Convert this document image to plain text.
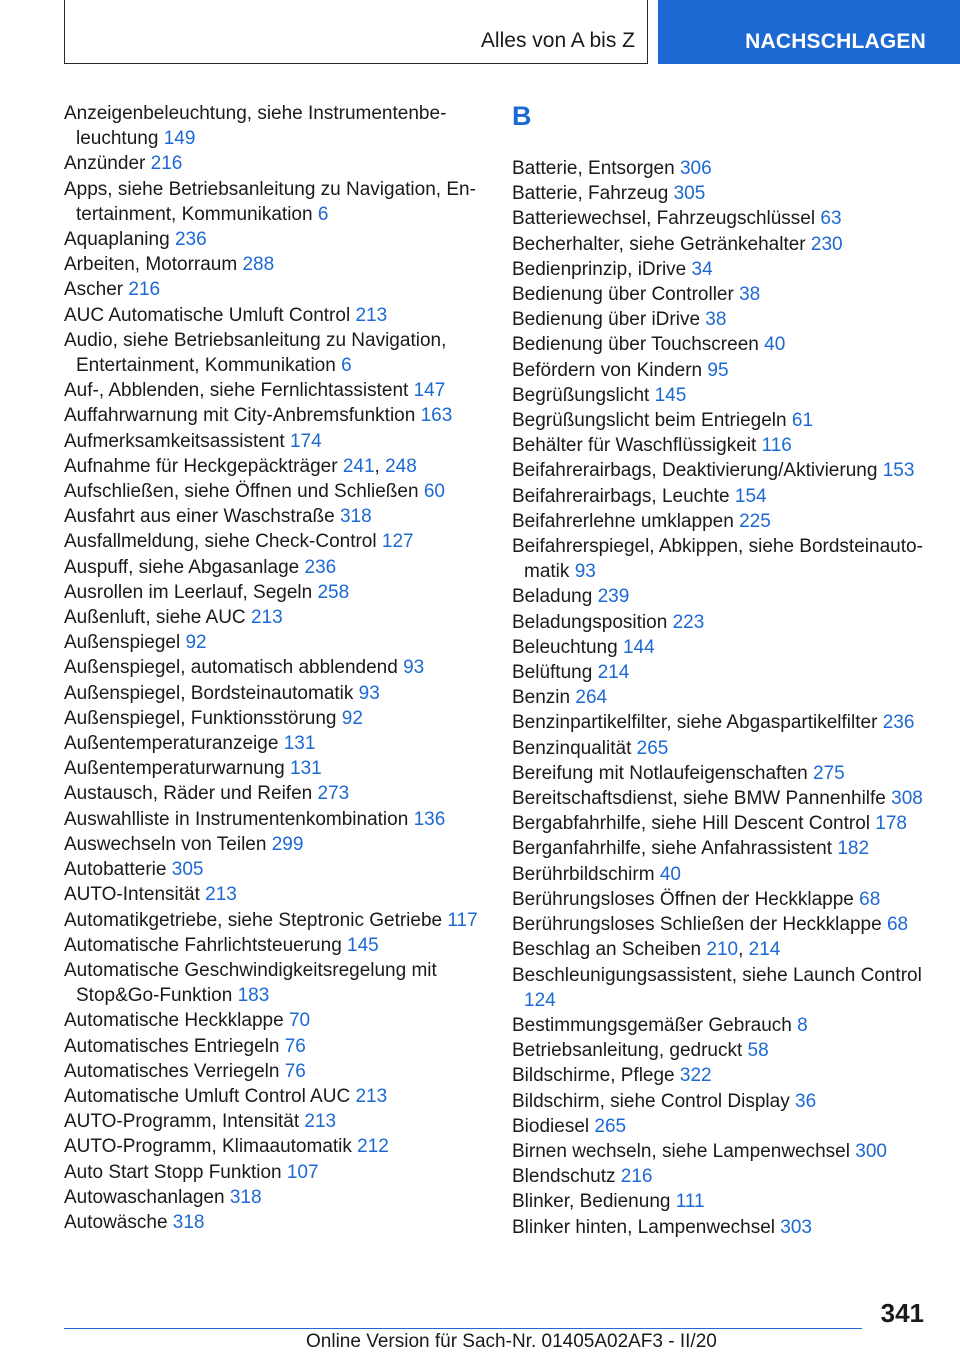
Alles von A bis Z	NACHSCHLAGEN
Anzeigenbeleuchtung, siehe Instrumentenbeleuchtung 149
Anzünder 216
Apps, siehe Betriebsanleitung zu Navigation, Entertainment, Kommunikation 6
Aquaplaning 236
Arbeiten, Motorraum 288
Ascher 216
AUC Automatische Umluft Control 213
Audio, siehe Betriebsanleitung zu Navigation, Entertainment, Kommunikation 6
Auf-, Abblenden, siehe Fernlichtassistent 147
Auffahrwarnung mit City-Anbremsfunktion 163
Aufmerksamkeitsassistent 174
Aufnahme für Heckgepäckträger 241, 248
Aufschließen, siehe Öffnen und Schließen 60
Ausfahrt aus einer Waschstraße 318
Ausfallmeldung, siehe Check-Control 127
Auspuff, siehe Abgasanlage 236
Ausrollen im Leerlauf, Segeln 258
Außenluft, siehe AUC 213
Außenspiegel 92
Außenspiegel, automatisch abblendend 93
Außenspiegel, Bordsteinautomatik 93
Außenspiegel, Funktionsstörung 92
Außentemperaturanzeige 131
Außentemperaturwarnung 131
Austausch, Räder und Reifen 273
Auswahlliste in Instrumentenkombination 136
Auswechseln von Teilen 299
Autobatterie 305
AUTO-Intensität 213
Automatikgetriebe, siehe Steptronic Getriebe 117
Automatische Fahrlichtsteuerung 145
Automatische Geschwindigkeitsregelung mit Stop&Go-Funktion 183
Automatische Heckklappe 70
Automatisches Entriegeln 76
Automatisches Verriegeln 76
Automatische Umluft Control AUC 213
AUTO-Programm, Intensität 213
AUTO-Programm, Klimaautomatik 212
Auto Start Stopp Funktion 107
Autowaschanlagen 318
Autowäsche 318
B
Batterie, Entsorgen 306
Batterie, Fahrzeug 305
Batteriewechsel, Fahrzeugschlüssel 63
Becherhalter, siehe Getränkehalter 230
Bedienprinzip, iDrive 34
Bedienung über Controller 38
Bedienung über iDrive 38
Bedienung über Touchscreen 40
Befördern von Kindern 95
Begrüßungslicht 145
Begrüßungslicht beim Entriegeln 61
Behälter für Waschflüssigkeit 116
Beifahrerairbags, Deaktivierung/Aktivierung 153
Beifahrerairbags, Leuchte 154
Beifahrerlehne umklappen 225
Beifahrerspiegel, Abkippen, siehe Bordsteinautomatik 93
Beladung 239
Beladungsposition 223
Beleuchtung 144
Belüftung 214
Benzin 264
Benzinpartikelfilter, siehe Abgaspartikelfilter 236
Benzinqualität 265
Bereifung mit Notlaufeigenschaften 275
Bereitschaftsdienst, siehe BMW Pannenhilfe 308
Bergabfahrhilfe, siehe Hill Descent Control 178
Berganfahrhilfe, siehe Anfahrassistent 182
Berührbildschirm 40
Berührungsloses Öffnen der Heckklappe 68
Berührungsloses Schließen der Heckklappe 68
Beschlag an Scheiben 210, 214
Beschleunigungsassistent, siehe Launch Control 124
Bestimmungsgemäßer Gebrauch 8
Betriebsanleitung, gedruckt 58
Bildschirme, Pflege 322
Bildschirm, siehe Control Display 36
Biodiesel 265
Birnen wechseln, siehe Lampenwechsel 300
Blendschutz 216
Blinker, Bedienung 111
Blinker hinten, Lampenwechsel 303
341
Online Version für Sach-Nr. 01405A02AF3 - II/20
